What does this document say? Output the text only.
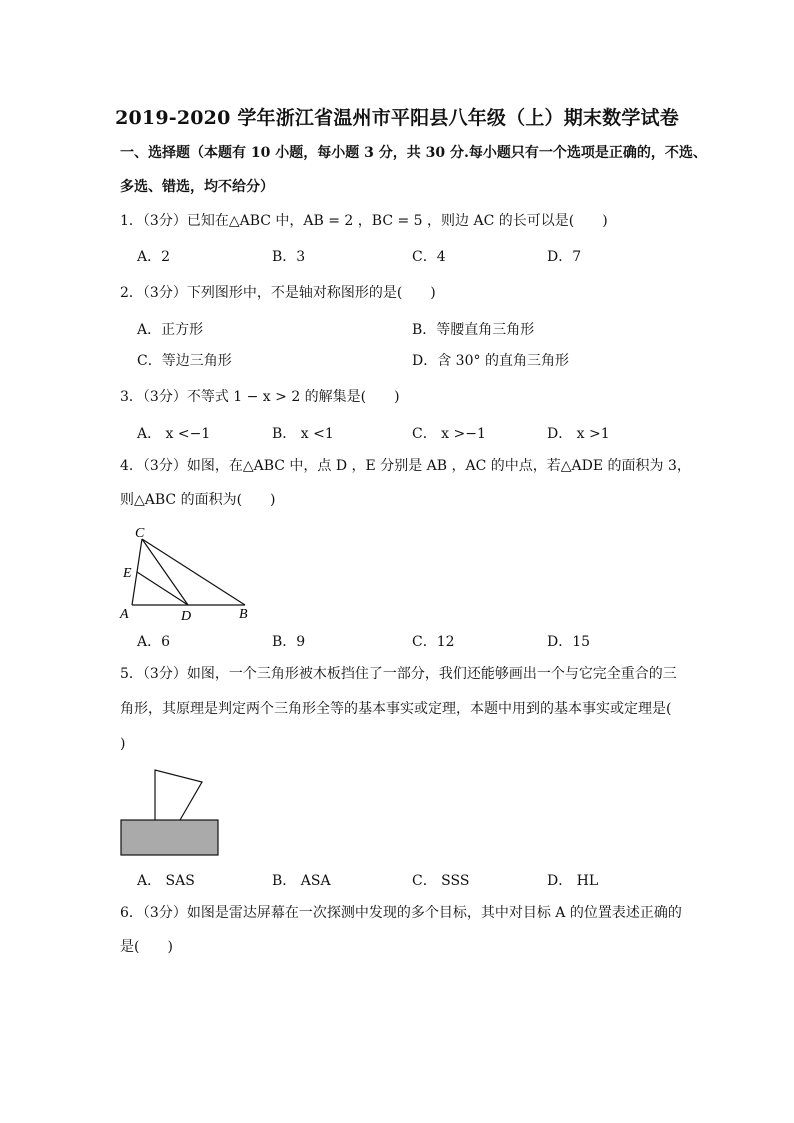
2019-2020 学年浙江省温州市平阳县八年级（上）期末数学试卷
一、选择题（本题有 10 小题，每小题 3 分，共 30 分.每小题只有一个选项是正确的，不选、
多选、错选，均不给分）
1．（3分）已知在△ABC 中，AB = 2 ，BC = 5 ，则边 AC 的长可以是(　　)
A．2	B．3	C．4	D．7
2．（3分）下列图形中，不是轴对称图形的是(　　)
A．正方形	B．等腰直角三角形
C．等边三角形	D．含 30° 的直角三角形
3．（3分）不等式 1 − x > 2 的解集是(　　)
A． x <−1	B． x <1	C． x >−1	D． x >1
4．（3分）如图，在△ABC 中，点 D ，E 分别是 AB ，AC 的中点，若△ADE 的面积为 3，
则△ABC 的面积为(　　)
C
E
A	D	B
A．6	B．9	C．12	D．15
5．（3分）如图，一个三角形被木板挡住了一部分，我们还能够画出一个与它完全重合的三
角形，其原理是判定两个三角形全等的基本事实或定理，本题中用到的基本事实或定理是(
)
A． SAS	B． ASA	C． SSS	D． HL
6．（3分）如图是雷达屏幕在一次探测中发现的多个目标，其中对目标 A 的位置表述正确的
是(　　)
